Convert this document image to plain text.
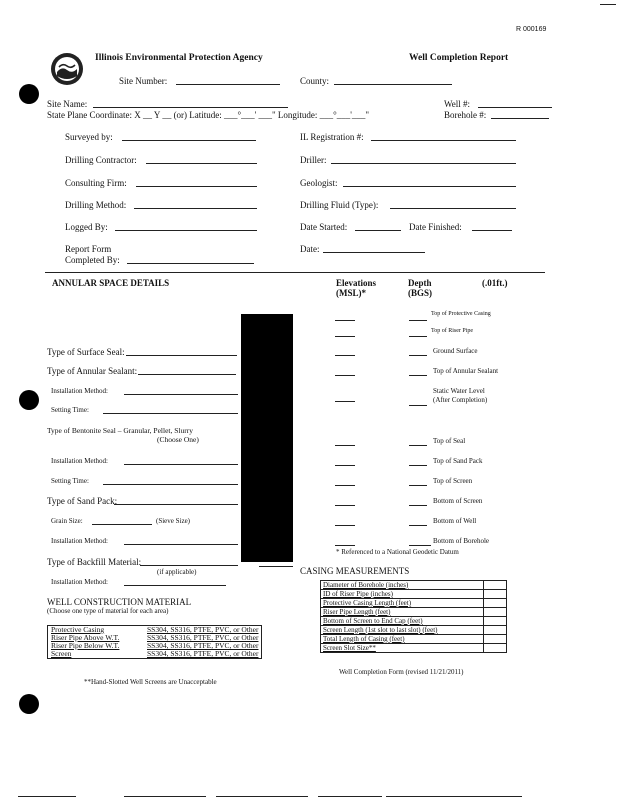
R 000169
Illinois Environmental Protection Agency	Well Completion Report
Site Number:	County:
Site Name:	Well #:
State Plane Coordinate: X __ Y __ (or) Latitude: ___°___' ___" Longitude: ___°___'___"	Borehole #:
Surveyed by:
Drilling Contractor:
Consulting Firm:
Drilling Method:
Logged By:
Report Form
Completed By:
IL Registration #:
Driller:
Geologist:
Drilling Fluid (Type):
Date Started:	Date Finished:
Date:
ANNULAR SPACE DETAILS	Elevations
(MSL)*
Depth
(BGS)
(.01ft.)
Type of Surface Seal:
Type of Annular Sealant:
Installation Method:
Setting Time:
Type of Bentonite Seal – Granular, Pellet, Slurry
(Choose One)
Installation Method:
Setting Time:
Type of Sand Pack:
Grain Size:	(Sieve Size)
Installation Method:
Type of Backfill Material:
(if applicable)
Installation Method:
Top of Protective Casing
Top of Riser Pipe
Ground Surface
Top of Annular Sealant
Static Water Level
(After Completion)
Top of Seal
Top of Sand Pack
Top of Screen
Bottom of Screen
Bottom of Well
Bottom of Borehole
* Referenced to a National Geodetic Datum
CASING MEASUREMENTS
Diameter of Borehole (inches)	
ID of Riser Pipe (inches)	
Protective Casing Length (feet)	
Riser Pipe Length (feet)	
Bottom of Screen to End Cap (feet)	
Screen Length (1st slot to last slot) (feet)	
Total Length of Casing (feet)	
Screen Slot Size**	
Well Completion Form (revised 11/21/2011)
WELL CONSTRUCTION MATERIAL
(Choose one type of material for each area)
Protective Casing	SS304, SS316, PTFE, PVC, or Other
Riser Pipe Above W.T.	SS304, SS316, PTFE, PVC, or Other
Riser Pipe Below W.T.	SS304, SS316, PTFE, PVC, or Other
Screen	SS304, SS316, PTFE, PVC, or Other
**Hand-Slotted Well Screens are Unacceptable
